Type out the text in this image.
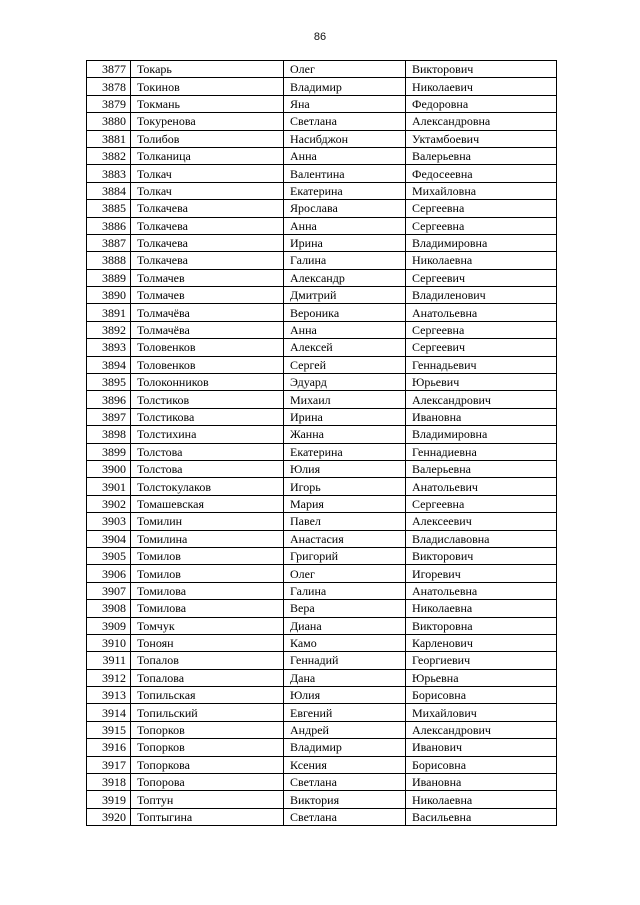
86
3877	Токарь	Олег	Викторович
3878	Токинов	Владимир	Николаевич
3879	Токмань	Яна	Федоровна
3880	Токуренова	Светлана	Александровна
3881	Толибов	Насибджон	Уктамбоевич
3882	Толканица	Анна	Валерьевна
3883	Толкач	Валентина	Федосеевна
3884	Толкач	Екатерина	Михайловна
3885	Толкачева	Ярослава	Сергеевна
3886	Толкачева	Анна	Сергеевна
3887	Толкачева	Ирина	Владимировна
3888	Толкачева	Галина	Николаевна
3889	Толмачев	Александр	Сергеевич
3890	Толмачев	Дмитрий	Владиленович
3891	Толмачёва	Вероника	Анатольевна
3892	Толмачёва	Анна	Сергеевна
3893	Толовенков	Алексей	Сергеевич
3894	Толовенков	Сергей	Геннадьевич
3895	Толоконников	Эдуард	Юрьевич
3896	Толстиков	Михаил	Александрович
3897	Толстикова	Ирина	Ивановна
3898	Толстихина	Жанна	Владимировна
3899	Толстова	Екатерина	Геннадиевна
3900	Толстова	Юлия	Валерьевна
3901	Толстокулаков	Игорь	Анатольевич
3902	Томашевская	Мария	Сергеевна
3903	Томилин	Павел	Алексеевич
3904	Томилина	Анастасия	Владиславовна
3905	Томилов	Григорий	Викторович
3906	Томилов	Олег	Игоревич
3907	Томилова	Галина	Анатольевна
3908	Томилова	Вера	Николаевна
3909	Томчук	Диана	Викторовна
3910	Тоноян	Камо	Карленович
3911	Топалов	Геннадий	Георгиевич
3912	Топалова	Дана	Юрьевна
3913	Топильская	Юлия	Борисовна
3914	Топильский	Евгений	Михайлович
3915	Топорков	Андрей	Александрович
3916	Топорков	Владимир	Иванович
3917	Топоркова	Ксения	Борисовна
3918	Топорова	Светлана	Ивановна
3919	Топтун	Виктория	Николаевна
3920	Топтыгина	Светлана	Васильевна
